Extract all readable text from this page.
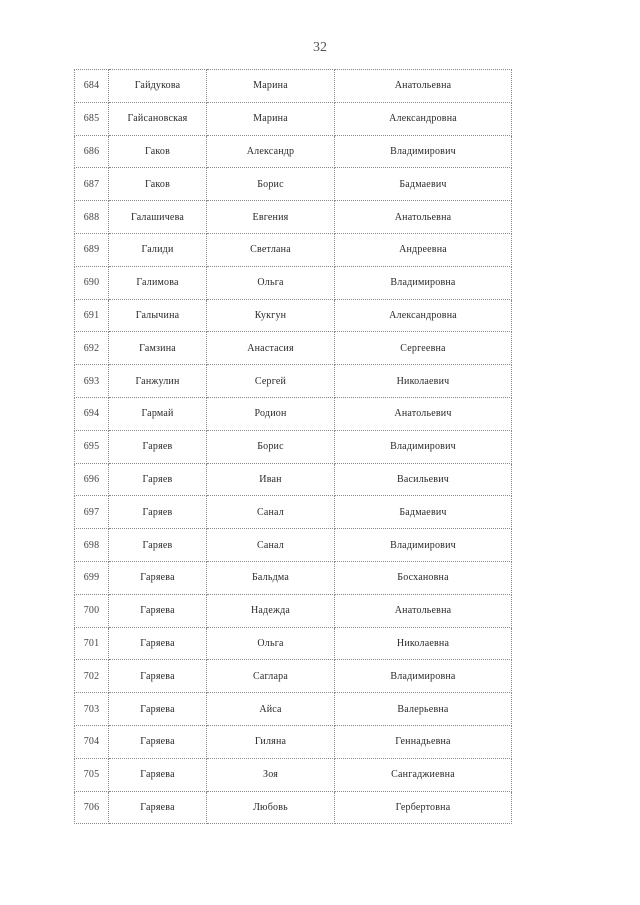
32
684	Гайдукова	Марина	Анатольевна
685	Гайсановская	Марина	Александровна
686	Гаков	Александр	Владимирович
687	Гаков	Борис	Бадмаевич
688	Галашичева	Евгения	Анатольевна
689	Галиди	Светлана	Андреевна
690	Галимова	Ольга	Владимировна
691	Галычина	Кукгун	Александровна
692	Гамзина	Анастасия	Сергеевна
693	Ганжулин	Сергей	Николаевич
694	Гармай	Родион	Анатольевич
695	Гаряев	Борис	Владимирович
696	Гаряев	Иван	Васильевич
697	Гаряев	Санал	Бадмаевич
698	Гаряев	Санал	Владимирович
699	Гаряева	Бальдма	Босхановна
700	Гаряева	Надежда	Анатольевна
701	Гаряева	Ольга	Николаевна
702	Гаряева	Саглара	Владимировна
703	Гаряева	Айса	Валерьевна
704	Гаряева	Гиляна	Геннадьевна
705	Гаряева	Зоя	Сангаджиевна
706	Гаряева	Любовь	Гербертовна
